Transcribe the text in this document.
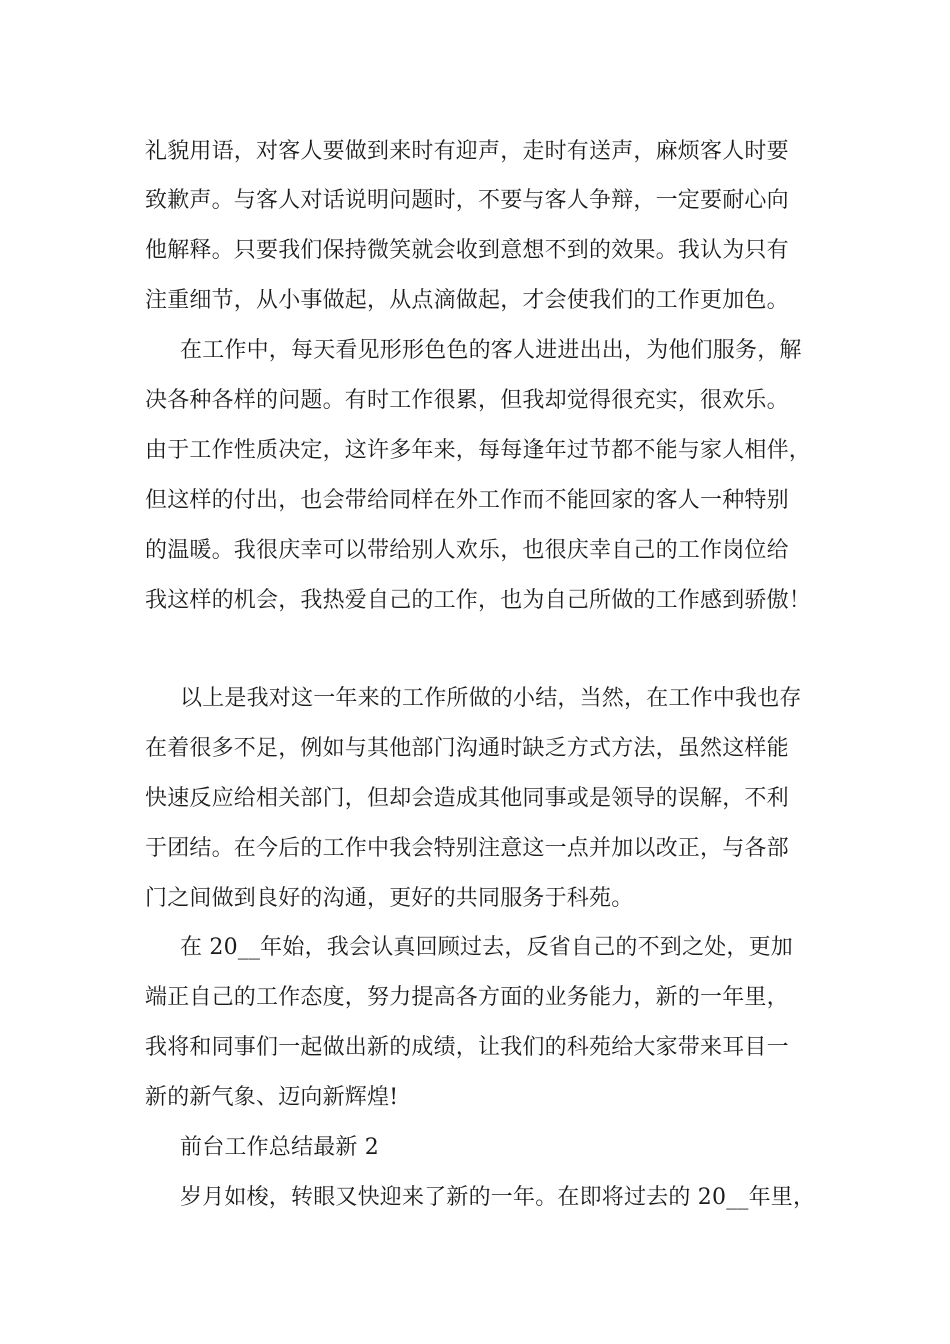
礼貌用语，对客人要做到来时有迎声，走时有送声，麻烦客人时要
致歉声。与客人对话说明问题时，不要与客人争辩，一定要耐心向
他解释。只要我们保持微笑就会收到意想不到的效果。我认为只有
注重细节，从小事做起，从点滴做起，才会使我们的工作更加色。
在工作中，每天看见形形色色的客人进进出出，为他们服务，解
决各种各样的问题。有时工作很累，但我却觉得很充实，很欢乐。
由于工作性质决定，这许多年来，每每逢年过节都不能与家人相伴，
但这样的付出，也会带给同样在外工作而不能回家的客人一种特别
的温暖。我很庆幸可以带给别人欢乐，也很庆幸自己的工作岗位给
我这样的机会，我热爱自己的工作，也为自己所做的工作感到骄傲！
以上是我对这一年来的工作所做的小结，当然，在工作中我也存
在着很多不足，例如与其他部门沟通时缺乏方式方法，虽然这样能
快速反应给相关部门，但却会造成其他同事或是领导的误解，不利
于团结。在今后的工作中我会特别注意这一点并加以改正，与各部
门之间做到良好的沟通，更好的共同服务于科苑。
在 20__年始，我会认真回顾过去，反省自己的不到之处，更加
端正自己的工作态度，努力提高各方面的业务能力，新的一年里，
我将和同事们一起做出新的成绩，让我们的科苑给大家带来耳目一
新的新气象、迈向新辉煌!
前台工作总结最新 2
岁月如梭，转眼又快迎来了新的一年。在即将过去的 20__年里，
